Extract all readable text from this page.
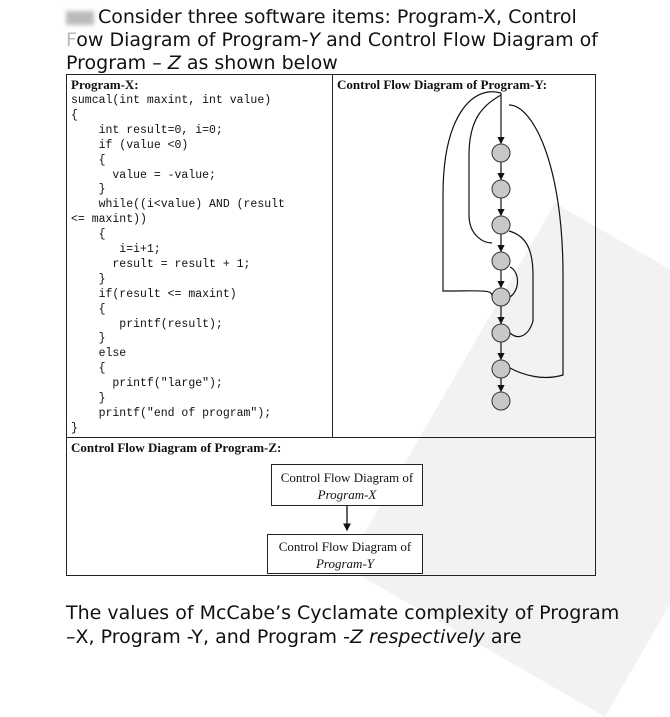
Consider three software items: Program-X, Control
Fow Diagram of Program-Y and Control Flow Diagram of
Program – Z as shown below
Program-X:
sumcal(int maxint, int value)
{
int result=0, i=0;
if (value <0)
{
value = -value;
}
while((i<value) AND (result
<= maxint))
{
i=i+1;
result = result + 1;
}
if(result <= maxint)
{
printf(result);
}
else
{
printf("large");
}
printf("end of program");
}
Control Flow Diagram of Program-Y:
Control Flow Diagram of Program-Z:
Control Flow Diagram of
Program-X
Control Flow Diagram of
Program-Y
The values of McCabe’s Cyclamate complexity of Program
–X, Program -Y, and Program -Z respectively are
